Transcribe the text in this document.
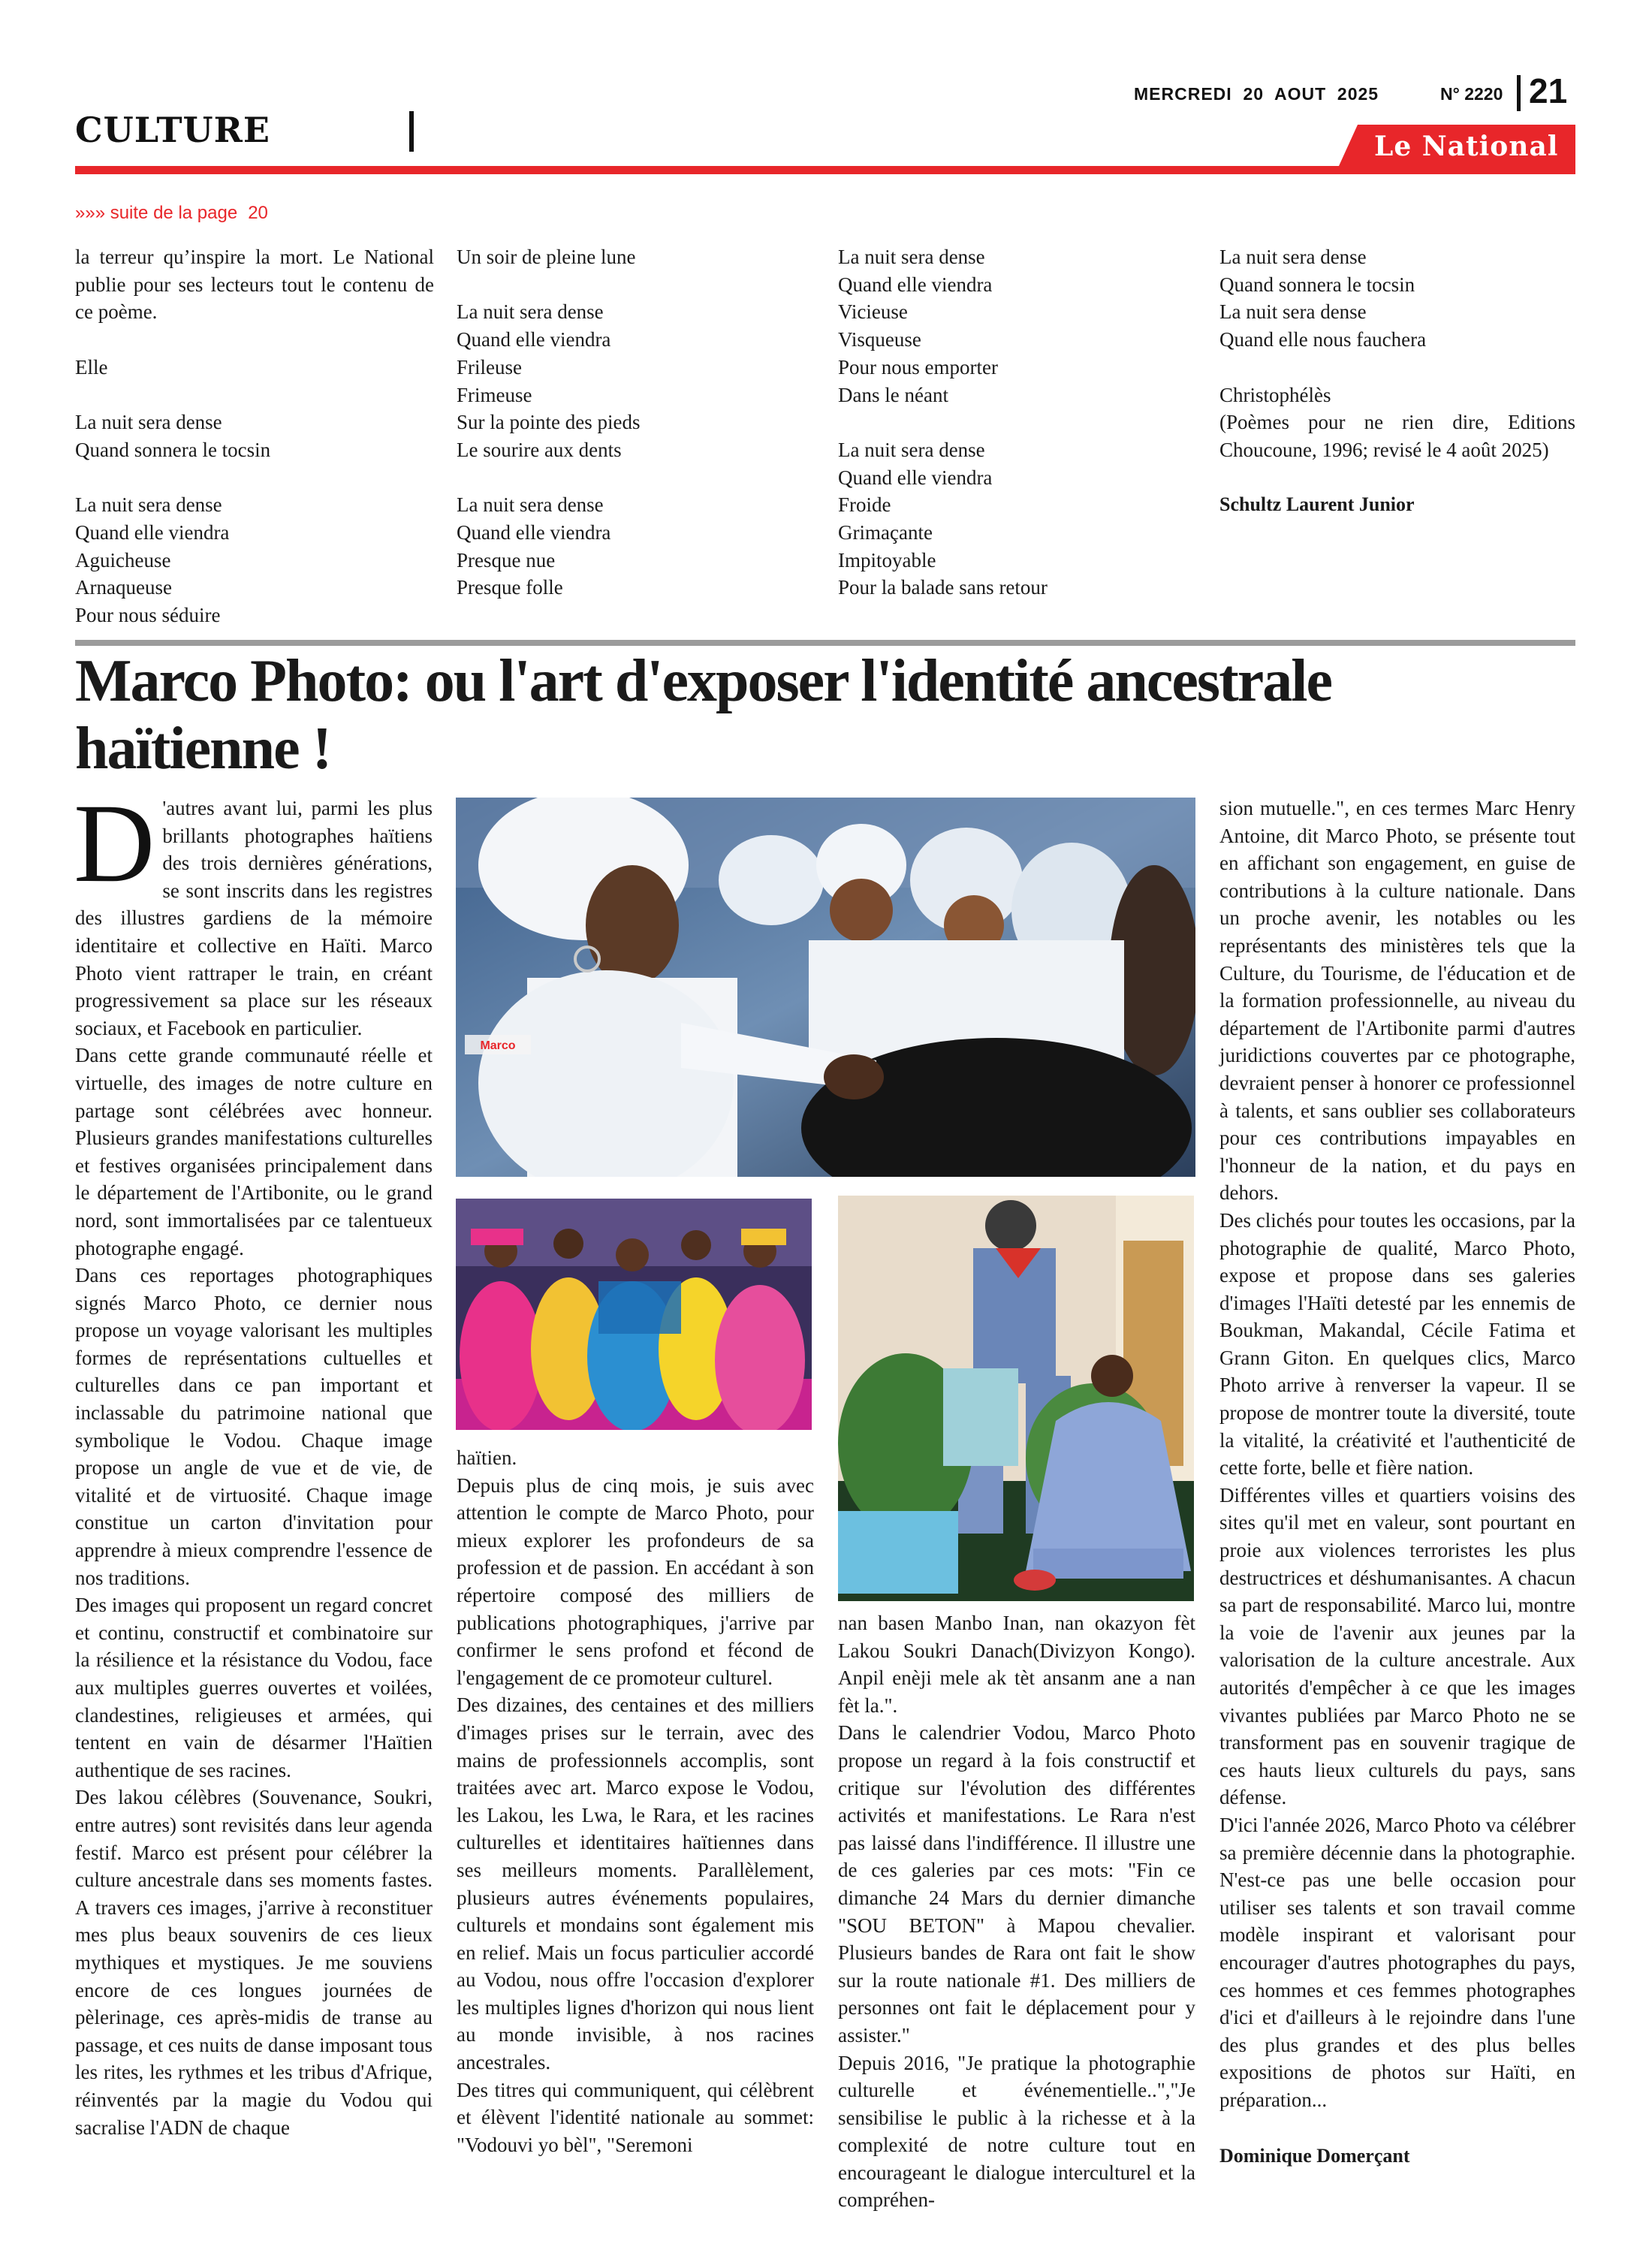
CULTURE
MERCREDI  20  AOUT  2025	N° 2220 21
Le National
»»» suite de la page 20

la terreur qu’inspire la mort. Le National publie pour ses lecteurs tout le contenu de ce poème.

Elle

La nuit sera dense

Quand sonnera le tocsin

La nuit sera dense

Quand elle viendra

Aguicheuse

Arnaqueuse

Pour nous séduire

Un soir de pleine lune

La nuit sera dense

Quand elle viendra

Frileuse

Frimeuse

Sur la pointe des pieds

Le sourire aux dents

La nuit sera dense

Quand elle viendra

Presque nue

Presque folle

La nuit sera dense

Quand elle viendra

Vicieuse

Visqueuse

Pour nous emporter

Dans le néant

La nuit sera dense

Quand elle viendra

Froide

Grimaçante

Impitoyable

Pour la balade sans retour

La nuit sera dense

Quand sonnera le tocsin

La nuit sera dense

Quand elle nous fauchera

Christophélès

(Poèmes pour ne rien dire, Editions Choucoune, 1996; revisé le 4 août 2025)

Schultz Laurent Junior

Marco Photo: ou l'art d'exposer l'identité ancestrale haïtienne !

D 'autres avant lui, parmi les plus brillants photographes haïtiens des trois dernières générations, se sont inscrits dans les registres des illustres gardiens de la mémoire identitaire et collective en Haïti. Marco Photo vient rattraper le train, en créant progressivement sa place sur les réseaux sociaux, et Facebook en particulier.

Dans cette grande communauté réelle et virtuelle, des images de notre culture en partage sont célébrées avec honneur. Plusieurs grandes manifestations culturelles et festives organisées principalement dans le département de l'Artibonite, ou le grand nord, sont immortalisées par ce talentueux photographe engagé.

Dans ces reportages photographiques signés Marco Photo, ce dernier nous propose un voyage valorisant les multiples formes de représentations cultuelles et culturelles dans ce pan important et inclassable du patrimoine national que symbolique le Vodou. Chaque image propose un angle de vue et de vie, de vitalité et de virtuosité. Chaque image constitue un carton d'invitation pour apprendre à mieux comprendre l'essence de nos traditions.

Des images qui proposent un regard concret et continu, constructif et combinatoire sur la résilience et la résistance du Vodou, face aux multiples guerres ouvertes et voilées, clandestines, religieuses et armées, qui tentent en vain de désarmer l'Haïtien authentique de ses racines.

Des lakou célèbres (Souvenance, Soukri, entre autres) sont revisités dans leur agenda festif. Marco est présent pour célébrer la culture ancestrale dans ses moments fastes. A travers ces images, j'arrive à reconstituer mes plus beaux souvenirs de ces lieux mythiques et mystiques. Je me souviens encore de ces longues journées de pèlerinage, ces après-midis de transe au passage, et ces nuits de danse imposant tous les rites, les rythmes et les tribus d'Afrique, réinventés par la magie du Vodou qui sacralise l'ADN de chaque

Marco

haïtien.

Depuis plus de cinq mois, je suis avec attention le compte de Marco Photo, pour mieux explorer les profondeurs de sa profession et de passion. En accédant à son répertoire composé des milliers de publications photographiques, j'arrive par confirmer le sens profond et fécond de l'engagement de ce promoteur culturel.

Des dizaines, des centaines et des milliers d'images prises sur le terrain, avec des mains de professionnels accomplis, sont traitées avec art. Marco expose le Vodou, les Lakou, les Lwa, le Rara, et les racines culturelles et identitaires haïtiennes dans ses meilleurs moments. Parallèlement, plusieurs autres événements populaires, culturels et mondains sont également mis en relief. Mais un focus particulier accordé au Vodou, nous offre l'occasion d'explorer les multiples lignes d'horizon qui nous lient au monde invisible, à nos racines ancestrales.

Des titres qui communiquent, qui célèbrent et élèvent l'identité nationale au sommet: "Vodouvi yo bèl", "Seremoni

nan basen Manbo Inan, nan okazyon fèt Lakou Soukri Danach(Divizyon Kongo). Anpil enèji mele ak tèt ansanm ane a nan fèt la.".

Dans le calendrier Vodou, Marco Photo propose un regard à la fois constructif et critique sur l'évolution des différentes activités et manifestations. Le Rara n'est pas laissé dans l'indifférence. Il illustre une de ces galeries par ces mots: "Fin ce dimanche 24 Mars du dernier dimanche "SOU BETON" à Mapou chevalier. Plusieurs bandes de Rara ont fait le show sur la route nationale #1. Des milliers de personnes ont fait le déplacement pour y assister."

Depuis 2016, "Je pratique la photographie culturelle et événementielle..","Je sensibilise le public à la richesse et à la complexité de notre culture tout en encourageant le dialogue interculturel et la compréhen-

sion mutuelle.", en ces termes Marc Henry Antoine, dit Marco Photo, se présente tout en affichant son engagement, en guise de contributions à la culture nationale. Dans un proche avenir, les notables ou les représentants des ministères tels que la Culture, du Tourisme, de l'éducation et de la formation professionnelle, au niveau du département de l'Artibonite parmi d'autres juridictions couvertes par ce photographe, devraient penser à honorer ce professionnel à talents, et sans oublier ses collaborateurs pour ces contributions impayables en l'honneur de la nation, et du pays en dehors.

Des clichés pour toutes les occasions, par la photographie de qualité, Marco Photo, expose et propose dans ses galeries d'images l'Haïti detesté par les ennemis de Boukman, Makandal, Cécile Fatima et Grann Giton. En quelques clics, Marco Photo arrive à renverser la vapeur. Il se propose de montrer toute la diversité, toute la vitalité, la créativité et l'authenticité de cette forte, belle et fière nation.

Différentes villes et quartiers voisins des sites qu'il met en valeur, sont pourtant en proie aux violences terroristes les plus destructrices et déshumanisantes. A chacun sa part de responsabilité. Marco lui, montre la voie de l'avenir aux jeunes par la valorisation de la culture ancestrale. Aux autorités d'empêcher à ce que les images vivantes publiées par Marco Photo ne se transforment pas en souvenir tragique de ces hauts lieux culturels du pays, sans défense.

D'ici l'année 2026, Marco Photo va célébrer sa première décennie dans la photographie. N'est-ce pas une belle occasion pour utiliser ses talents et son travail comme modèle inspirant et valorisant pour encourager d'autres photographes du pays, ces hommes et ces femmes photographes d'ici et d'ailleurs à le rejoindre dans l'une des plus grandes et des plus belles expositions de photos sur Haïti, en préparation...

Dominique Domerçant
